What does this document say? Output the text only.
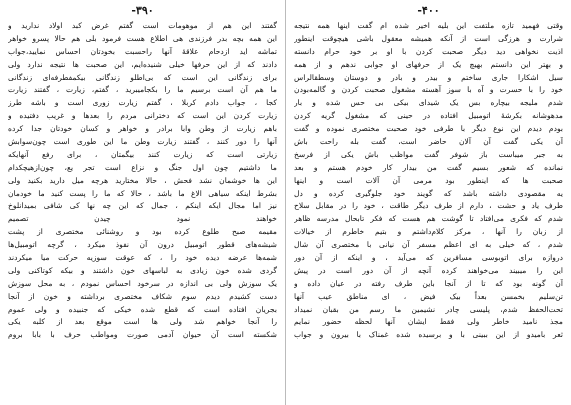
-۳۹۰
گفتند این هم از موهومات است گفتم غرض کبد اولاد ندارید و
این همه بچه بدر فرزندی هی اطلاع هست فرمود بلی هم حالا پسرو خواهر
تماشه اید ازدحام علاقهٔ آنها راحسبت بخودتان احساس نمایید،جواب
دادند که از این حرفها خیلی شنیده‌ایم، این صحبت ها نتیجه ندارد ولی
برای زندگانی این است که بی‌اطلو زندگانی بیکمفطرفه‌ای زندگانی
ما هم آن است برسیم ما را بکجامیبرید ، گفتم، زیارت ، گفتند زیارت
کجا ، جواب دادم کربلا ، گفتم زیارت زوری است و باشه طرز
زیارت کردن این است که دخترانی مردم را بعدها و غریب دفتیده و
باهم زیارت از وطن وابا برادر و خواهر و کسان خودتان جدا کرده
آنها را دور کنند ، گفتند زیارت وطن ما این طوری است چون‌سوابش
زیارتی است که زیارت کنند بیگمتان ، برای رفع آنهایکه
ما داشتیم چون اول جنگ و نزاع است تجر یع، چون‌‌ازهیچکدام
این ها خوشمان نشد فحش ، حالا مختارید هرچه میل دارید بکنید ولی
بشرط اینکه سیاهی الاغ ما باشد ، حالا که ما را پست کنید ما خودمان
نیز اما مجال ایکه اینکم ، جمال که این چه نها کی شافی بمیدانلوخ
خواهند نمود چیدن تصمیم
مقیمه صبح طلوع کرده بود و روشنائی مختصری از پشت
شیشه‌های قطور اتومبیل درون آن نفوذ میکرد ، گرچه اتومبیل‌ها
شمه‌ها عرضه دیده خود را ، که ‌عوقت سوزیه حرکت میا میکردند
گردی شده خون زیادی به لباسهای خون داشتند و بیکه کوتاکنی ولی
یک سوزش ولی بی اندازه در سرخود احساس نمودم ، به محل سوزش
دست کشیدم دیدم سوم شکاف مختصری برداشته و خون از آنجا
بجریان افتاده است که قطع شده خیکی که جنبیده و ولی عموم
را آنجا خواهم شد ولی ها است موقع بعد از کلبه یکی
شکسته است آن حیوان آدمی صورت ومواطب حرف با بابا بروم
-۴۰۰
وقتی فهمید تازه ملتفت این بلیه اخیر شده ام گفت اینها همه نتیجه
شرارت و هرزگی است از آنکه همیشه معقول باشی هیچوقت اینطور
اذیت نخواهی دید دیگر صحبت کردن با او بر خود حرام دانسته
و بهتر این دانستم بهیچ یک از حرفهای او جوابی ندهم و از همه
سیل اشکارا جاری ساختم و بیدر و بادر و دوستان وسطقالراس
خود را با حسرت و آه با سوز آهسته مشغول صحبت کردن و گالمه‌بودن
شدم ملیجه بیچاره بس یک شیدای بیکی بی حس شده و بار
مدهوشانه بکرشهٔ اتومبیل افتاده در حینی که مشغول گریه کردن
بودم دیدم این نوع دیگر با طرفی خود صحبت مختصری نموده و گفت
آن یکی گفت آن آلان حاضر است، گفت بله راحت باش
به جبر میباست باز شوفر گفت مواظب باش یکی از فرسخ
نمانده که شعور بسیم گفت من بیدار کار خودم هستم و بعد
صحبت ها که اینطور بود مرمی آن آلات است و اینها
یه مقصودی داشته باشد که گویند خود جلوگیری کرده و دل
طرف یاد و حشت ، دارم از طرف دیگر طاقت ، خود را در مقابل سلاح
شدم که فکری می‌افتاد تا گوشت هم هست که فکر تا‌بحال مدرسه ظاهر
از زبان را آنها ، مرکز کلام‌داشتم و بتیم خاطرم از خیالات
شدم ، که خیلی به ای اعظم مسفر آن نیانی با مختصری آن شال
دروازه برای اتوبوسی مسافرین که می‌آید ، و اینکه از آن دور
این را میبیند می‌خواهند کرده آنچه از آن دور است در پیش
آن گونه بود که تا از آنجا باین طرف رفته در عیان داده و
تن‌سلیم بخمسن بعداً بیک فیض ، ای مناطق عیب آنها
تحت‌الحفظ شدم، پلیسی چادر نشیمین ما رسم من بقبان نمیداد
مجذ نامید خاطر ولی فقط ایشان آنها لحظه حضور نمایم
ثعر بامیدو از این ببینی با و برسیده شده غمناک با بیرون و جواب
